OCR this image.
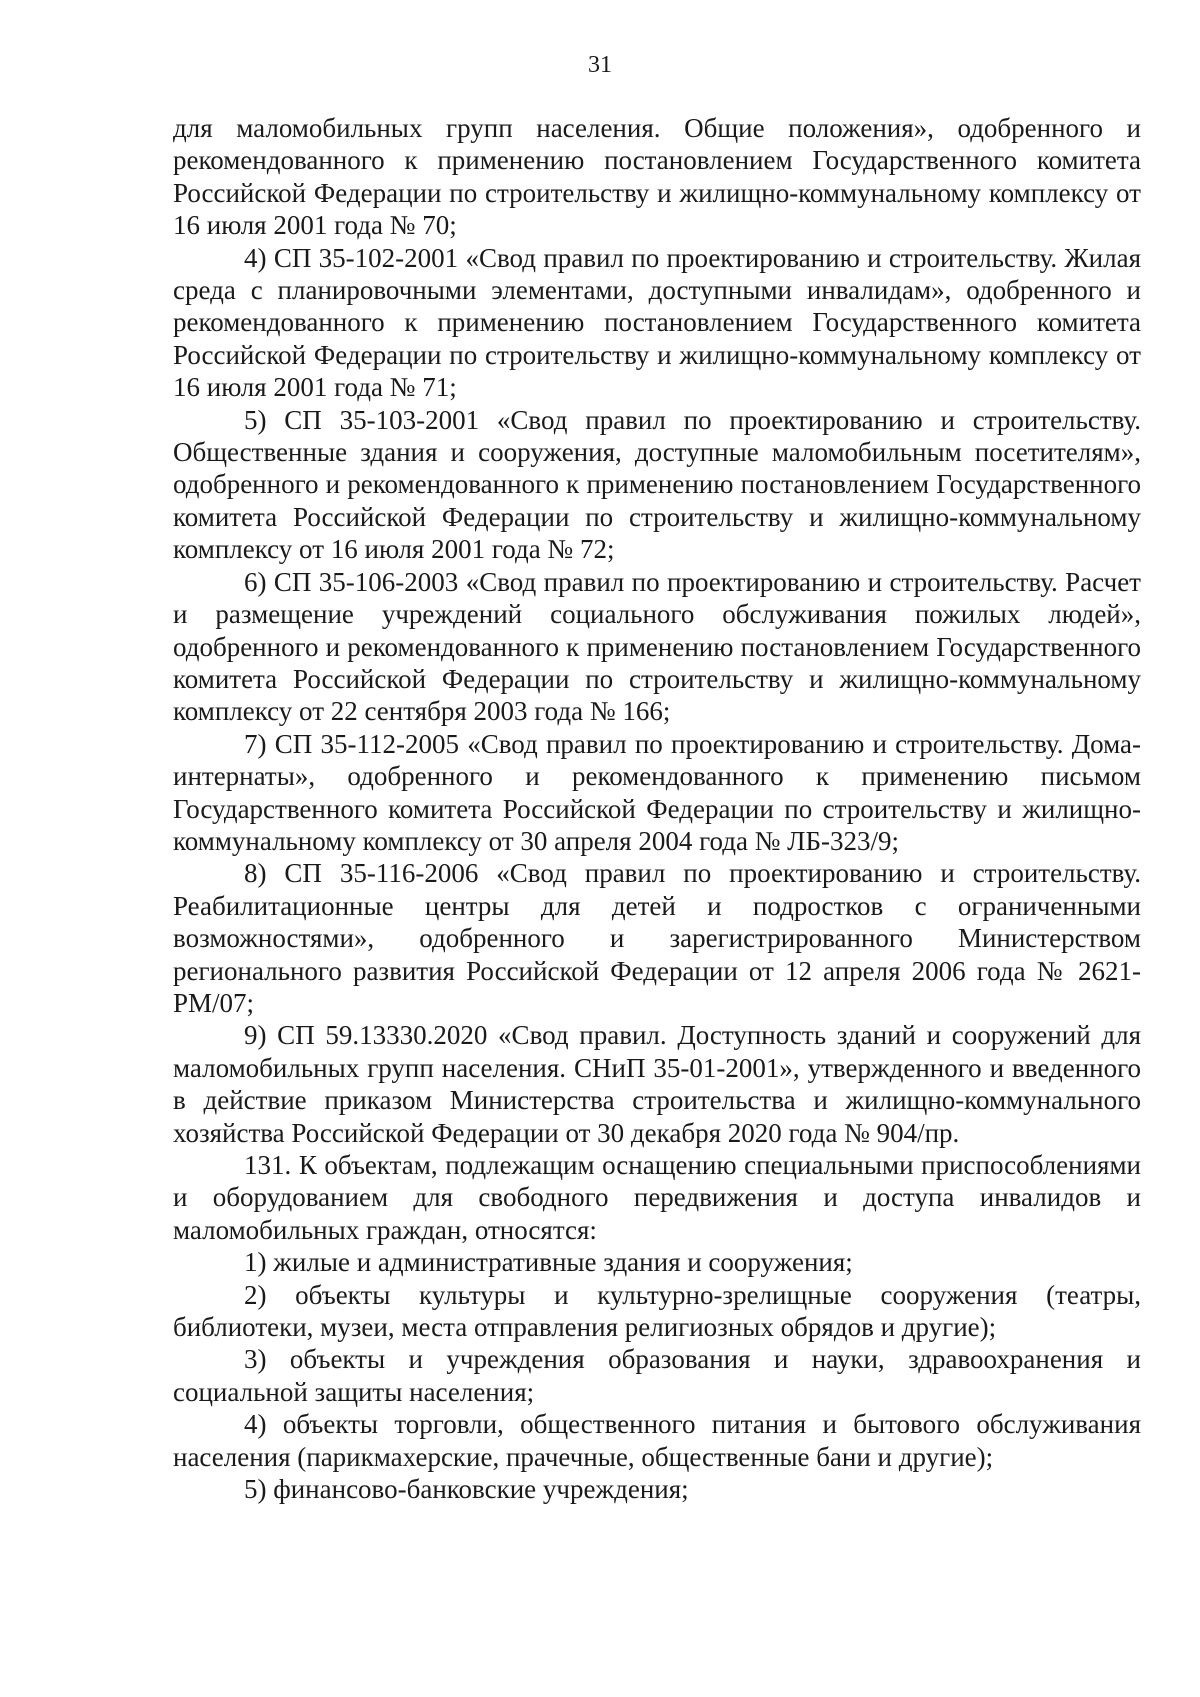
31

для маломобильных групп населения. Общие положения», одобренного и рекомендованного к применению постановлением Государственного комитета Российской Федерации по строительству и жилищно-коммунальному комплексу от 16 июля 2001 года № 70;

4) СП 35-102-2001 «Свод правил по проектированию и строительству. Жилая среда с планировочными элементами, доступными инвалидам», одобренного и рекомендованного к применению постановлением Государственного комитета Российской Федерации по строительству и жилищно-коммунальному комплексу от 16 июля 2001 года № 71;

5) СП 35-103-2001 «Свод правил по проектированию и строительству. Общественные здания и сооружения, доступные маломобильным посетителям», одобренного и рекомендованного к применению постановлением Государственного комитета Российской Федерации по строительству и жилищно-коммунальному комплексу от 16 июля 2001 года № 72;

6) СП 35-106-2003 «Свод правил по проектированию и строительству. Расчет и размещение учреждений социального обслуживания пожилых людей», одобренного и рекомендованного к применению постановлением Государственного комитета Российской Федерации по строительству и жилищно-коммунальному комплексу от 22 сентября 2003 года № 166;

7) СП 35-112-2005 «Свод правил по проектированию и строительству. Дома-интернаты», одобренного и рекомендованного к применению письмом Государственного комитета Российской Федерации по строительству и жилищно-коммунальному комплексу от 30 апреля 2004 года № ЛБ-323/9;

8) СП 35-116-2006 «Свод правил по проектированию и строительству. Реабилитационные центры для детей и подростков с ограниченными возможностями», одобренного и зарегистрированного Министерством регионального развития Российской Федерации от 12 апреля 2006 года № 2621-РМ/07;

9) СП 59.13330.2020 «Свод правил. Доступность зданий и сооружений для маломобильных групп населения. СНиП 35-01-2001», утвержденного и введенного в действие приказом Министерства строительства и жилищно-коммунального хозяйства Российской Федерации от 30 декабря 2020 года № 904/пр.

131. К объектам, подлежащим оснащению специальными приспособлениями и оборудованием для свободного передвижения и доступа инвалидов и маломобильных граждан, относятся:

1) жилые и административные здания и сооружения;

2) объекты культуры и культурно-зрелищные сооружения (театры, библиотеки, музеи, места отправления религиозных обрядов и другие);

3) объекты и учреждения образования и науки, здравоохранения и социальной защиты населения;

4) объекты торговли, общественного питания и бытового обслуживания населения (парикмахерские, прачечные, общественные бани и другие);

5) финансово-банковские учреждения;
